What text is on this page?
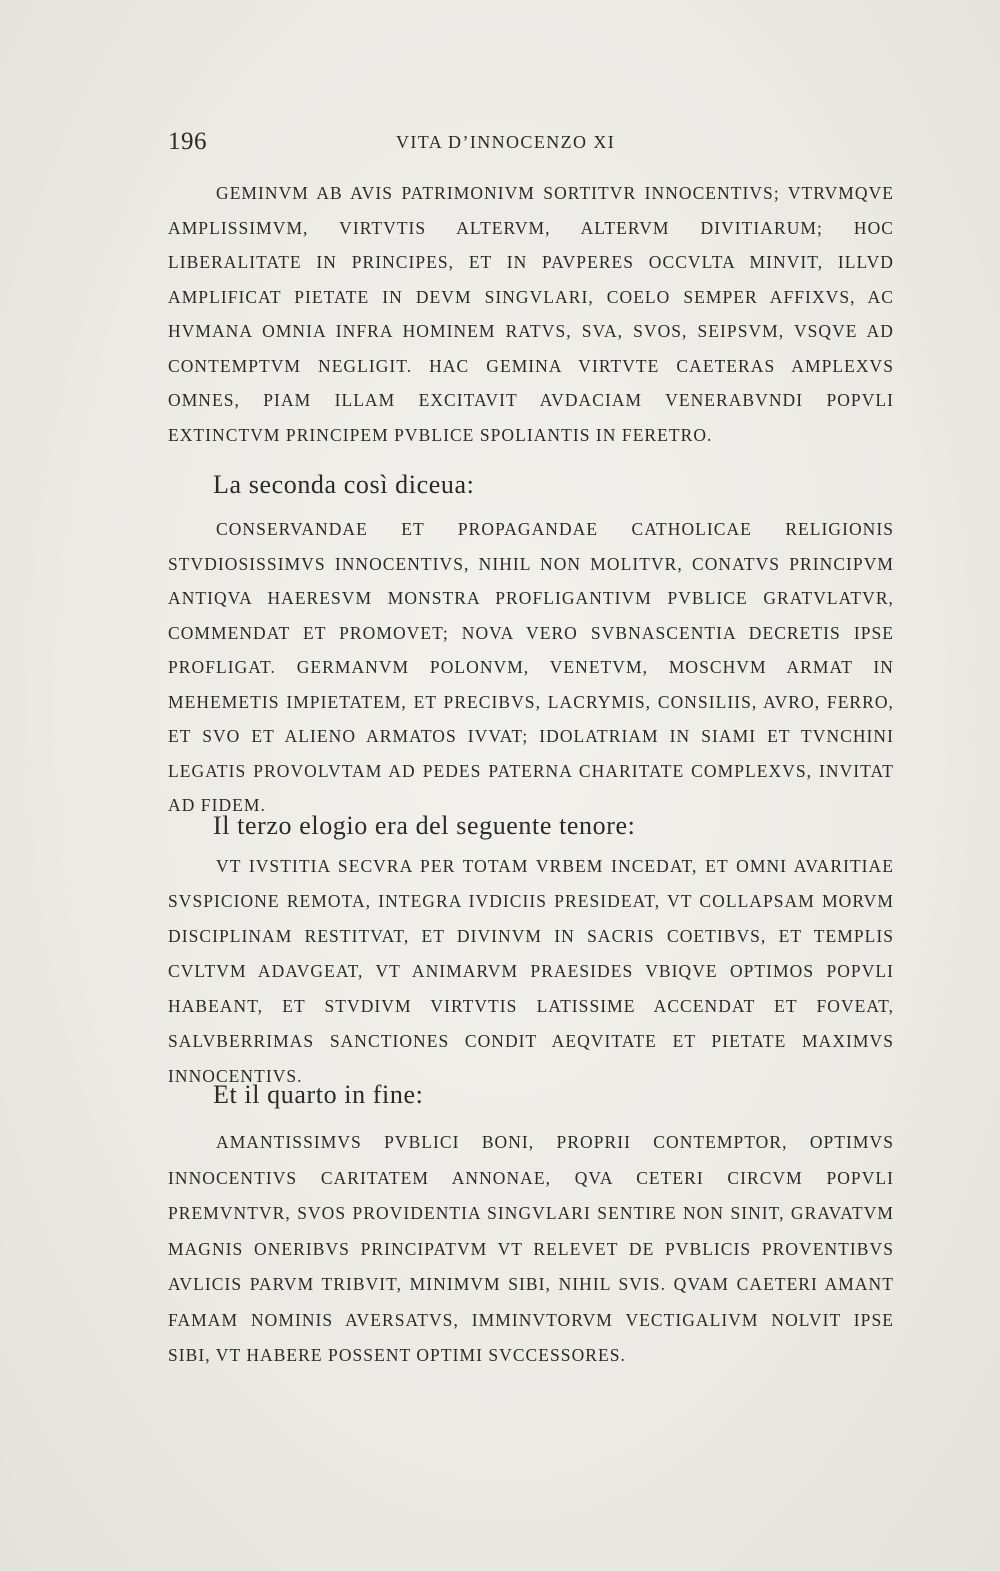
196	VITA D’INNOCENZO XI

GEMINVM AB AVIS PATRIMONIVM SORTITVR INNOCENTIVS; VTRVMQVE AMPLISSIMVM, VIRTVTIS ALTERVM, ALTERVM DIVITIARUM; HOC LIBERALITATE IN PRINCIPES, ET IN PAVPERES OCCVLTA MINVIT, ILLVD AMPLIFICAT PIETATE IN DEVM SINGVLARI, COELO SEMPER AFFIXVS, AC HVMANA OMNIA INFRA HOMINEM RATVS, SVA, SVOS, SEIPSVM, VSQVE AD CONTEMPTVM NEGLIGIT. HAC GEMINA VIRTVTE CAETERAS AMPLEXVS OMNES, PIAM ILLAM EXCITAVIT AVDACIAM VENERABVNDI POPVLI EXTINCTVM PRINCIPEM PVBLICE SPOLIANTIS IN FERETRO.

La seconda così diceua:

CONSERVANDAE ET PROPAGANDAE CATHOLICAE RELIGIONIS STVDIOSISSIMVS INNOCENTIVS, NIHIL NON MOLITVR, CONATVS PRINCIPVM ANTIQVA HAERESVM MONSTRA PROFLIGANTIVM PVBLICE GRATVLATVR, COMMENDAT ET PROMOVET; NOVA VERO SVBNASCENTIA DECRETIS IPSE PROFLIGAT. GERMANVM POLONVM, VENETVM, MOSCHVM ARMAT IN MEHEMETIS IMPIETATEM, ET PRECIBVS, LACRYMIS, CONSILIIS, AVRO, FERRO, ET SVO ET ALIENO ARMATOS IVVAT; IDOLATRIAM IN SIAMI ET TVNCHINI LEGATIS PROVOLVTAM AD PEDES PATERNA CHARITATE COMPLEXVS, INVITAT AD FIDEM.

Il terzo elogio era del seguente tenore:

VT IVSTITIA SECVRA PER TOTAM VRBEM INCEDAT, ET OMNI AVARITIAE SVSPICIONE REMOTA, INTEGRA IVDICIIS PRESIDEAT, VT COLLAPSAM MORVM DISCIPLINAM RESTITVAT, ET DIVINVM IN SACRIS COETIBVS, ET TEMPLIS CVLTVM ADAVGEAT, VT ANIMARVM PRAESIDES VBIQVE OPTIMOS POPVLI HABEANT, ET STVDIVM VIRTVTIS LATISSIME ACCENDAT ET FOVEAT, SALVBERRIMAS SANCTIONES CONDIT AEQVITATE ET PIETATE MAXIMVS INNOCENTIVS.

Et il quarto in fine:

AMANTISSIMVS PVBLICI BONI, PROPRII CONTEMPTOR, OPTIMVS INNOCENTIVS CARITATEM ANNONAE, QVA CETERI CIRCVM POPVLI PREMVNTVR, SVOS PROVIDENTIA SINGVLARI SENTIRE NON SINIT, GRAVATVM MAGNIS ONERIBVS PRINCIPATVM VT RELEVET DE PVBLICIS PROVENTIBVS AVLICIS PARVM TRIBVIT, MINIMVM SIBI, NIHIL SVIS. QVAM CAETERI AMANT FAMAM NOMINIS AVERSATVS, IMMINVTORVM VECTIGALIVM NOLVIT IPSE SIBI, VT HABERE POSSENT OPTIMI SVCCESSORES.
